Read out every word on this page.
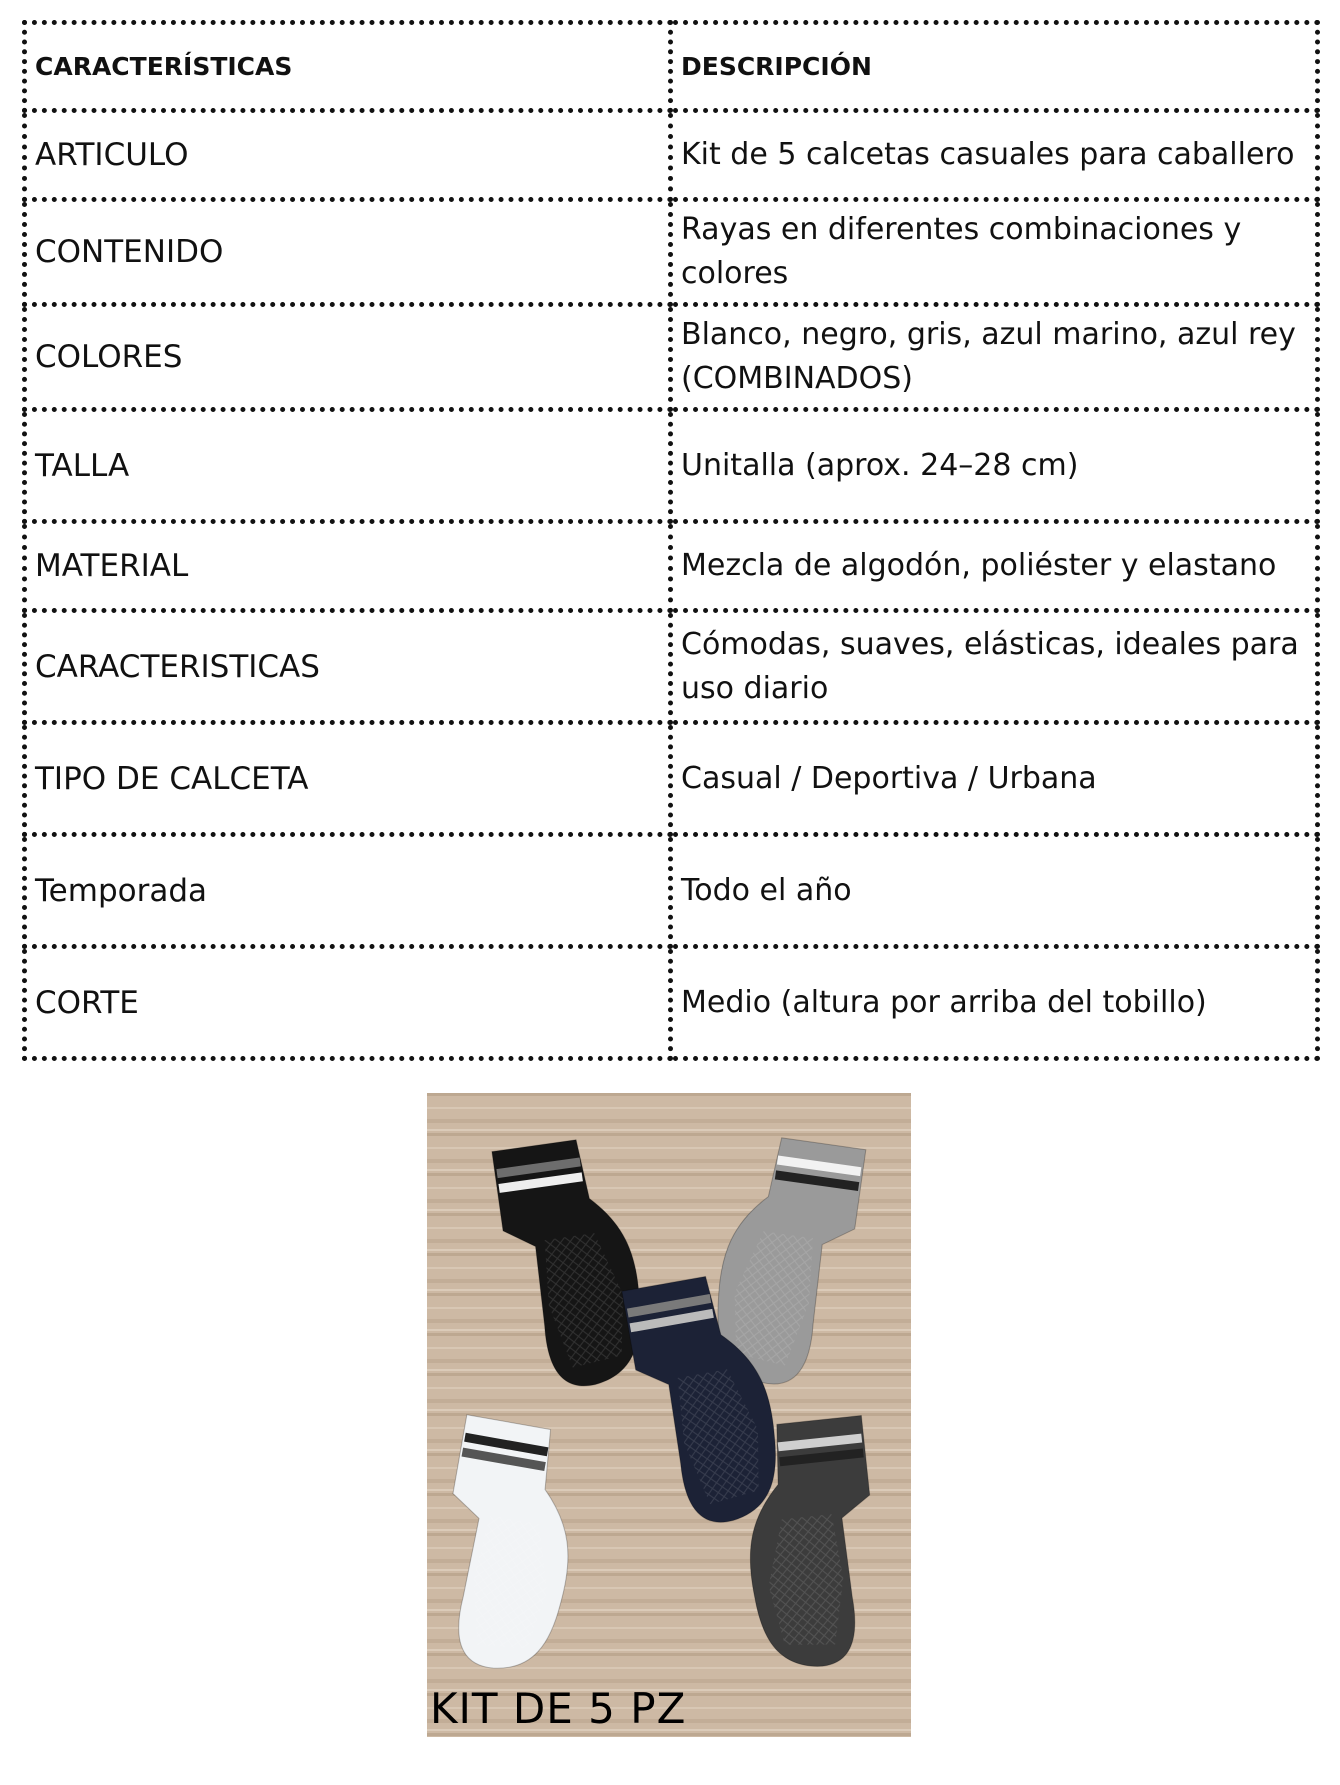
CARACTERÍSTICAS	DESCRIPCIÓN
ARTICULO	Kit de 5 calcetas casuales para caballero
CONTENIDO	Rayas en diferentes combinaciones y colores
COLORES	Blanco, negro, gris, azul marino, azul rey (COMBINADOS)
TALLA	Unitalla (aprox. 24–28 cm)
MATERIAL	Mezcla de algodón, poliéster y elastano
CARACTERISTICAS	Cómodas, suaves, elásticas, ideales para uso diario
TIPO DE CALCETA	Casual / Deportiva / Urbana
Temporada	Todo el año
CORTE	Medio (altura por arriba del tobillo)
KIT DE 5 PZ
